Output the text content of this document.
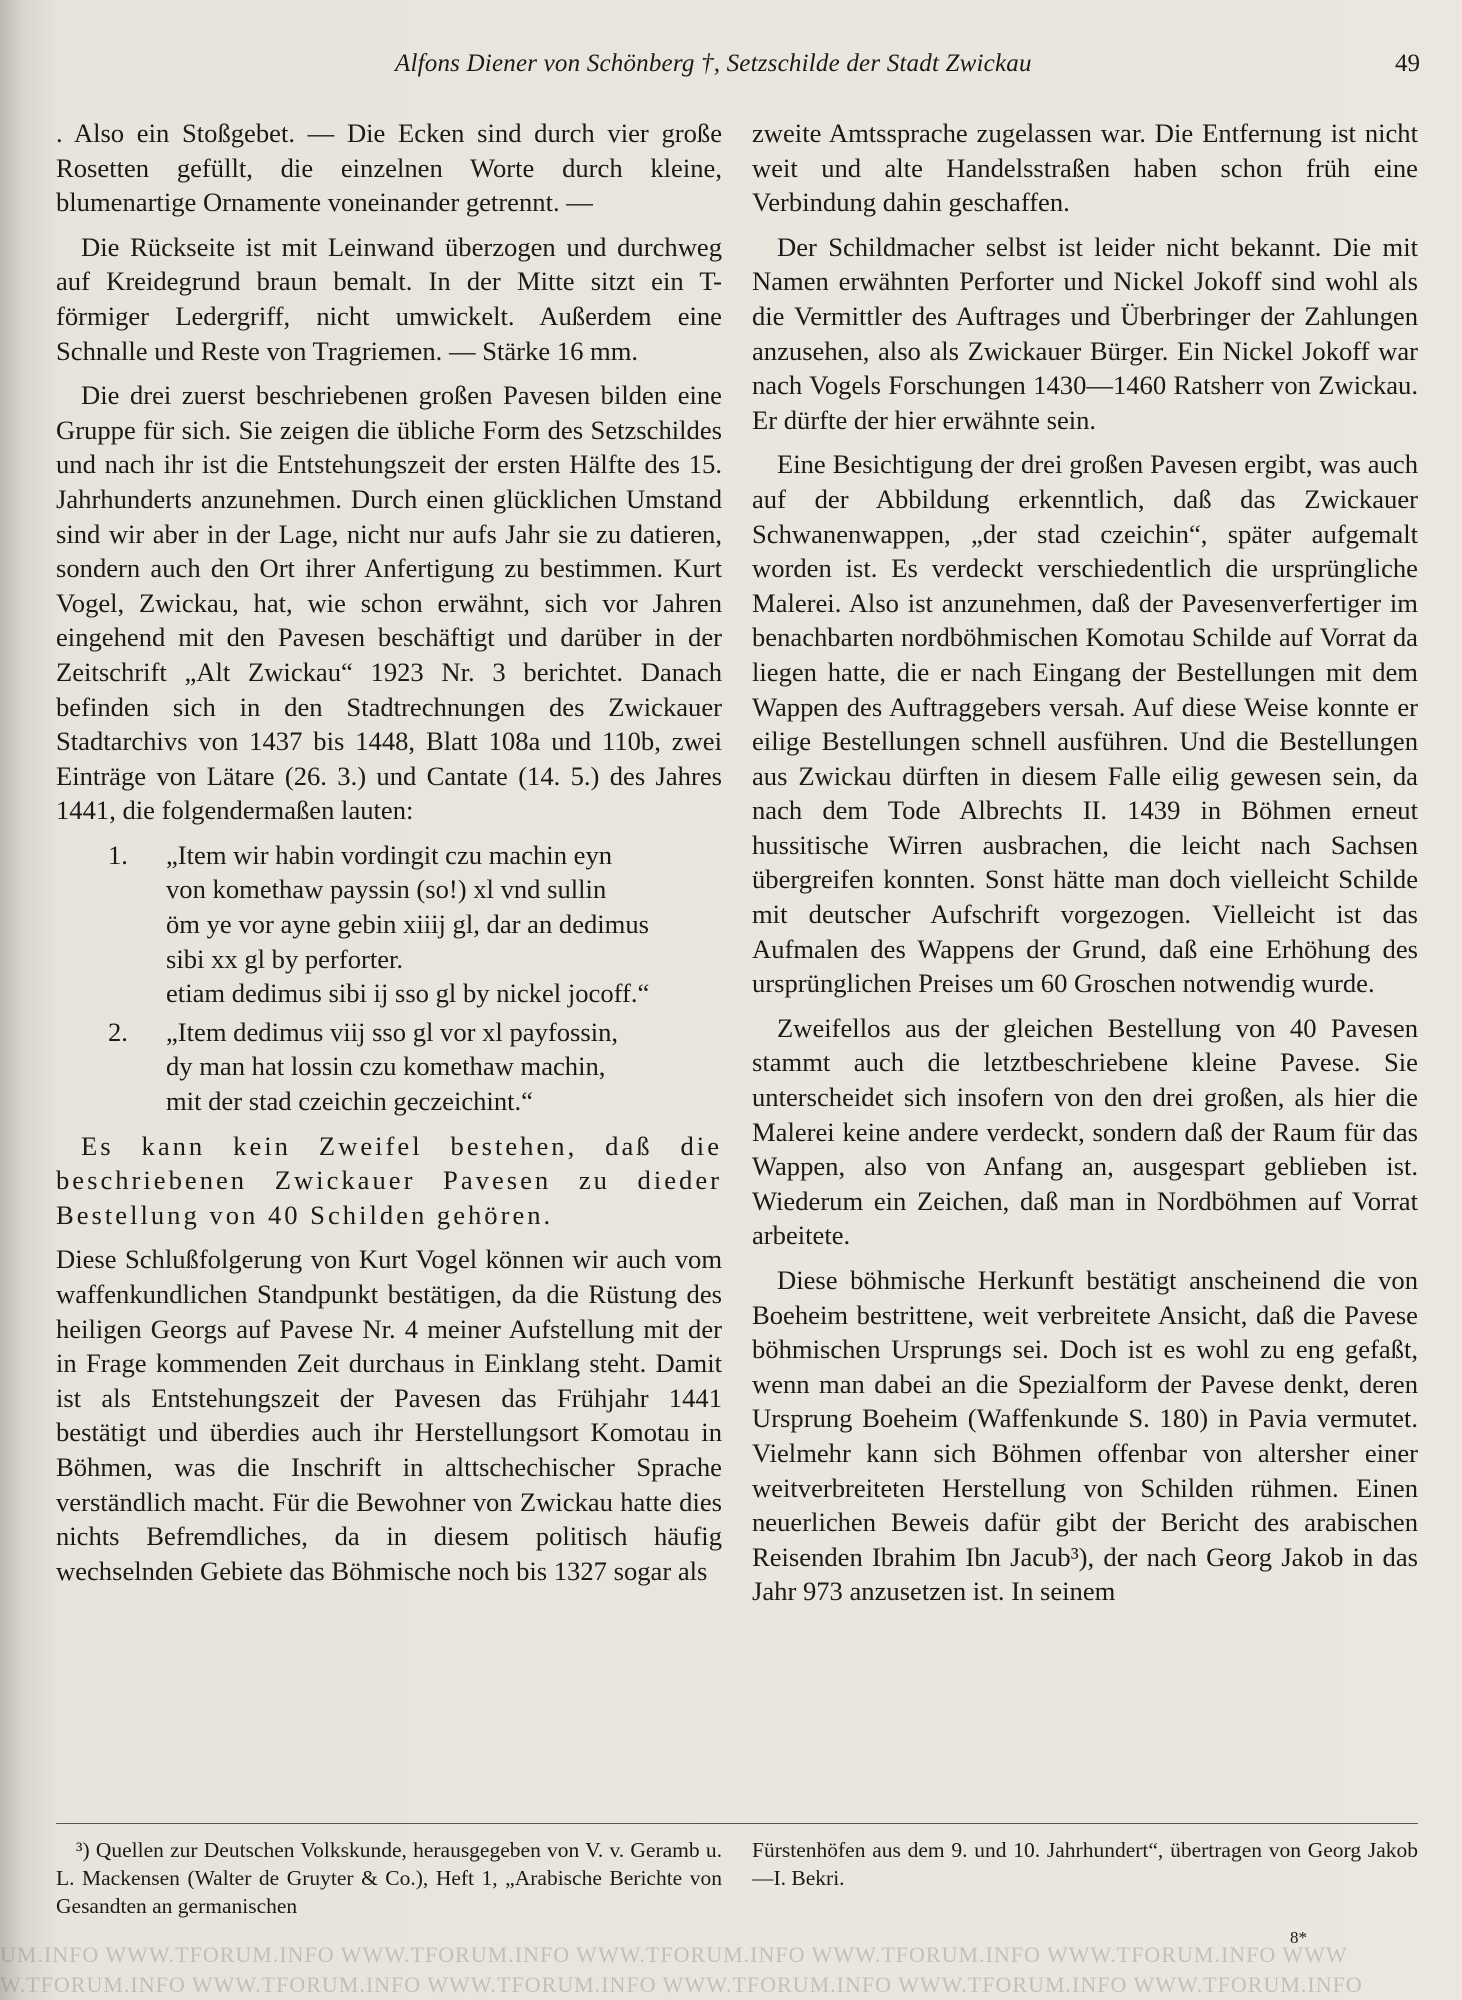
Alfons Diener von Schönberg †, Setzschilde der Stadt Zwickau	49

. Also ein Stoßgebet. — Die Ecken sind durch vier große Rosetten gefüllt, die einzelnen Worte durch kleine, blumenartige Ornamente voneinander getrennt. —

Die Rückseite ist mit Leinwand überzogen und durchweg auf Kreidegrund braun bemalt. In der Mitte sitzt ein T-förmiger Ledergriff, nicht umwickelt. Außerdem eine Schnalle und Reste von Tragriemen. — Stärke 16 mm.

Die drei zuerst beschriebenen großen Pavesen bilden eine Gruppe für sich. Sie zeigen die übliche Form des Setzschildes und nach ihr ist die Entstehungszeit der ersten Hälfte des 15. Jahrhunderts anzunehmen. Durch einen glücklichen Umstand sind wir aber in der Lage, nicht nur aufs Jahr sie zu datieren, sondern auch den Ort ihrer Anfertigung zu bestimmen. Kurt Vogel, Zwickau, hat, wie schon erwähnt, sich vor Jahren eingehend mit den Pavesen beschäftigt und darüber in der Zeitschrift „Alt Zwickau“ 1923 Nr. 3 berichtet. Danach befinden sich in den Stadtrechnungen des Zwickauer Stadtarchivs von 1437 bis 1448, Blatt 108a und 110b, zwei Einträge von Lätare (26. 3.) und Cantate (14. 5.) des Jahres 1441, die folgendermaßen lauten:

1. „Item wir habin vordingit czu machin eyn
von komethaw payssin (so!) xl vnd sullin
öm ye vor ayne gebin xiiij gl, dar an dedimus
sibi xx gl by perforter.
etiam dedimus sibi ij sso gl by nickel jocoff.“
2. „Item dedimus viij sso gl vor xl payfossin,
dy man hat lossin czu komethaw machin,
mit der stad czeichin geczeichint.“

Es kann kein Zweifel bestehen, daß die beschriebenen Zwickauer Pavesen zu dieder Bestellung von 40 Schilden gehören.

Diese Schlußfolgerung von Kurt Vogel können wir auch vom waffenkundlichen Standpunkt bestätigen, da die Rüstung des heiligen Georgs auf Pavese Nr. 4 meiner Aufstellung mit der in Frage kommenden Zeit durchaus in Einklang steht. Damit ist als Entstehungszeit der Pavesen das Frühjahr 1441 bestätigt und überdies auch ihr Herstellungsort Komotau in Böhmen, was die Inschrift in alttschechischer Sprache verständlich macht. Für die Bewohner von Zwickau hatte dies nichts Befremdliches, da in diesem politisch häufig wechselnden Gebiete das Böhmische noch bis 1327 sogar als

zweite Amtssprache zugelassen war. Die Entfernung ist nicht weit und alte Handelsstraßen haben schon früh eine Verbindung dahin geschaffen.

Der Schildmacher selbst ist leider nicht bekannt. Die mit Namen erwähnten Perforter und Nickel Jokoff sind wohl als die Vermittler des Auftrages und Überbringer der Zahlungen anzusehen, also als Zwickauer Bürger. Ein Nickel Jokoff war nach Vogels Forschungen 1430—1460 Ratsherr von Zwickau. Er dürfte der hier erwähnte sein.

Eine Besichtigung der drei großen Pavesen ergibt, was auch auf der Abbildung erkenntlich, daß das Zwickauer Schwanenwappen, „der stad czeichin“, später aufgemalt worden ist. Es verdeckt verschiedentlich die ursprüngliche Malerei. Also ist anzunehmen, daß der Pavesenverfertiger im benachbarten nordböhmischen Komotau Schilde auf Vorrat da liegen hatte, die er nach Eingang der Bestellungen mit dem Wappen des Auftraggebers versah. Auf diese Weise konnte er eilige Bestellungen schnell ausführen. Und die Bestellungen aus Zwickau dürften in diesem Falle eilig gewesen sein, da nach dem Tode Albrechts II. 1439 in Böhmen erneut hussitische Wirren ausbrachen, die leicht nach Sachsen übergreifen konnten. Sonst hätte man doch vielleicht Schilde mit deutscher Aufschrift vorgezogen. Vielleicht ist das Aufmalen des Wappens der Grund, daß eine Erhöhung des ursprünglichen Preises um 60 Groschen notwendig wurde.

Zweifellos aus der gleichen Bestellung von 40 Pavesen stammt auch die letztbeschriebene kleine Pavese. Sie unterscheidet sich insofern von den drei großen, als hier die Malerei keine andere verdeckt, sondern daß der Raum für das Wappen, also von Anfang an, ausgespart geblieben ist. Wiederum ein Zeichen, daß man in Nordböhmen auf Vorrat arbeitete.

Diese böhmische Herkunft bestätigt anscheinend die von Boeheim bestrittene, weit verbreitete Ansicht, daß die Pavese böhmischen Ursprungs sei. Doch ist es wohl zu eng gefaßt, wenn man dabei an die Spezialform der Pavese denkt, deren Ursprung Boeheim (Waffenkunde S. 180) in Pavia vermutet. Vielmehr kann sich Böhmen offenbar von altersher einer weitverbreiteten Herstellung von Schilden rühmen. Einen neuerlichen Beweis dafür gibt der Bericht des arabischen Reisenden Ibrahim Ibn Jacub³), der nach Georg Jakob in das Jahr 973 anzusetzen ist. In seinem

³) Quellen zur Deutschen Volkskunde, herausgegeben von V. v. Geramb u. L. Mackensen (Walter de Gruyter & Co.), Heft 1, „Arabische Berichte von Gesandten an germanischen

Fürstenhöfen aus dem 9. und 10. Jahrhundert“, übertragen von Georg Jakob—I. Bekri.

8*
UM.INFO WWW.TFORUM.INFO WWW.TFORUM.INFO WWW.TFORUM.INFO WWW.TFORUM.INFO WWW.TFORUM.INFO WWW
W.TFORUM.INFO WWW.TFORUM.INFO WWW.TFORUM.INFO WWW.TFORUM.INFO WWW.TFORUM.INFO WWW.TFORUM.INFO
